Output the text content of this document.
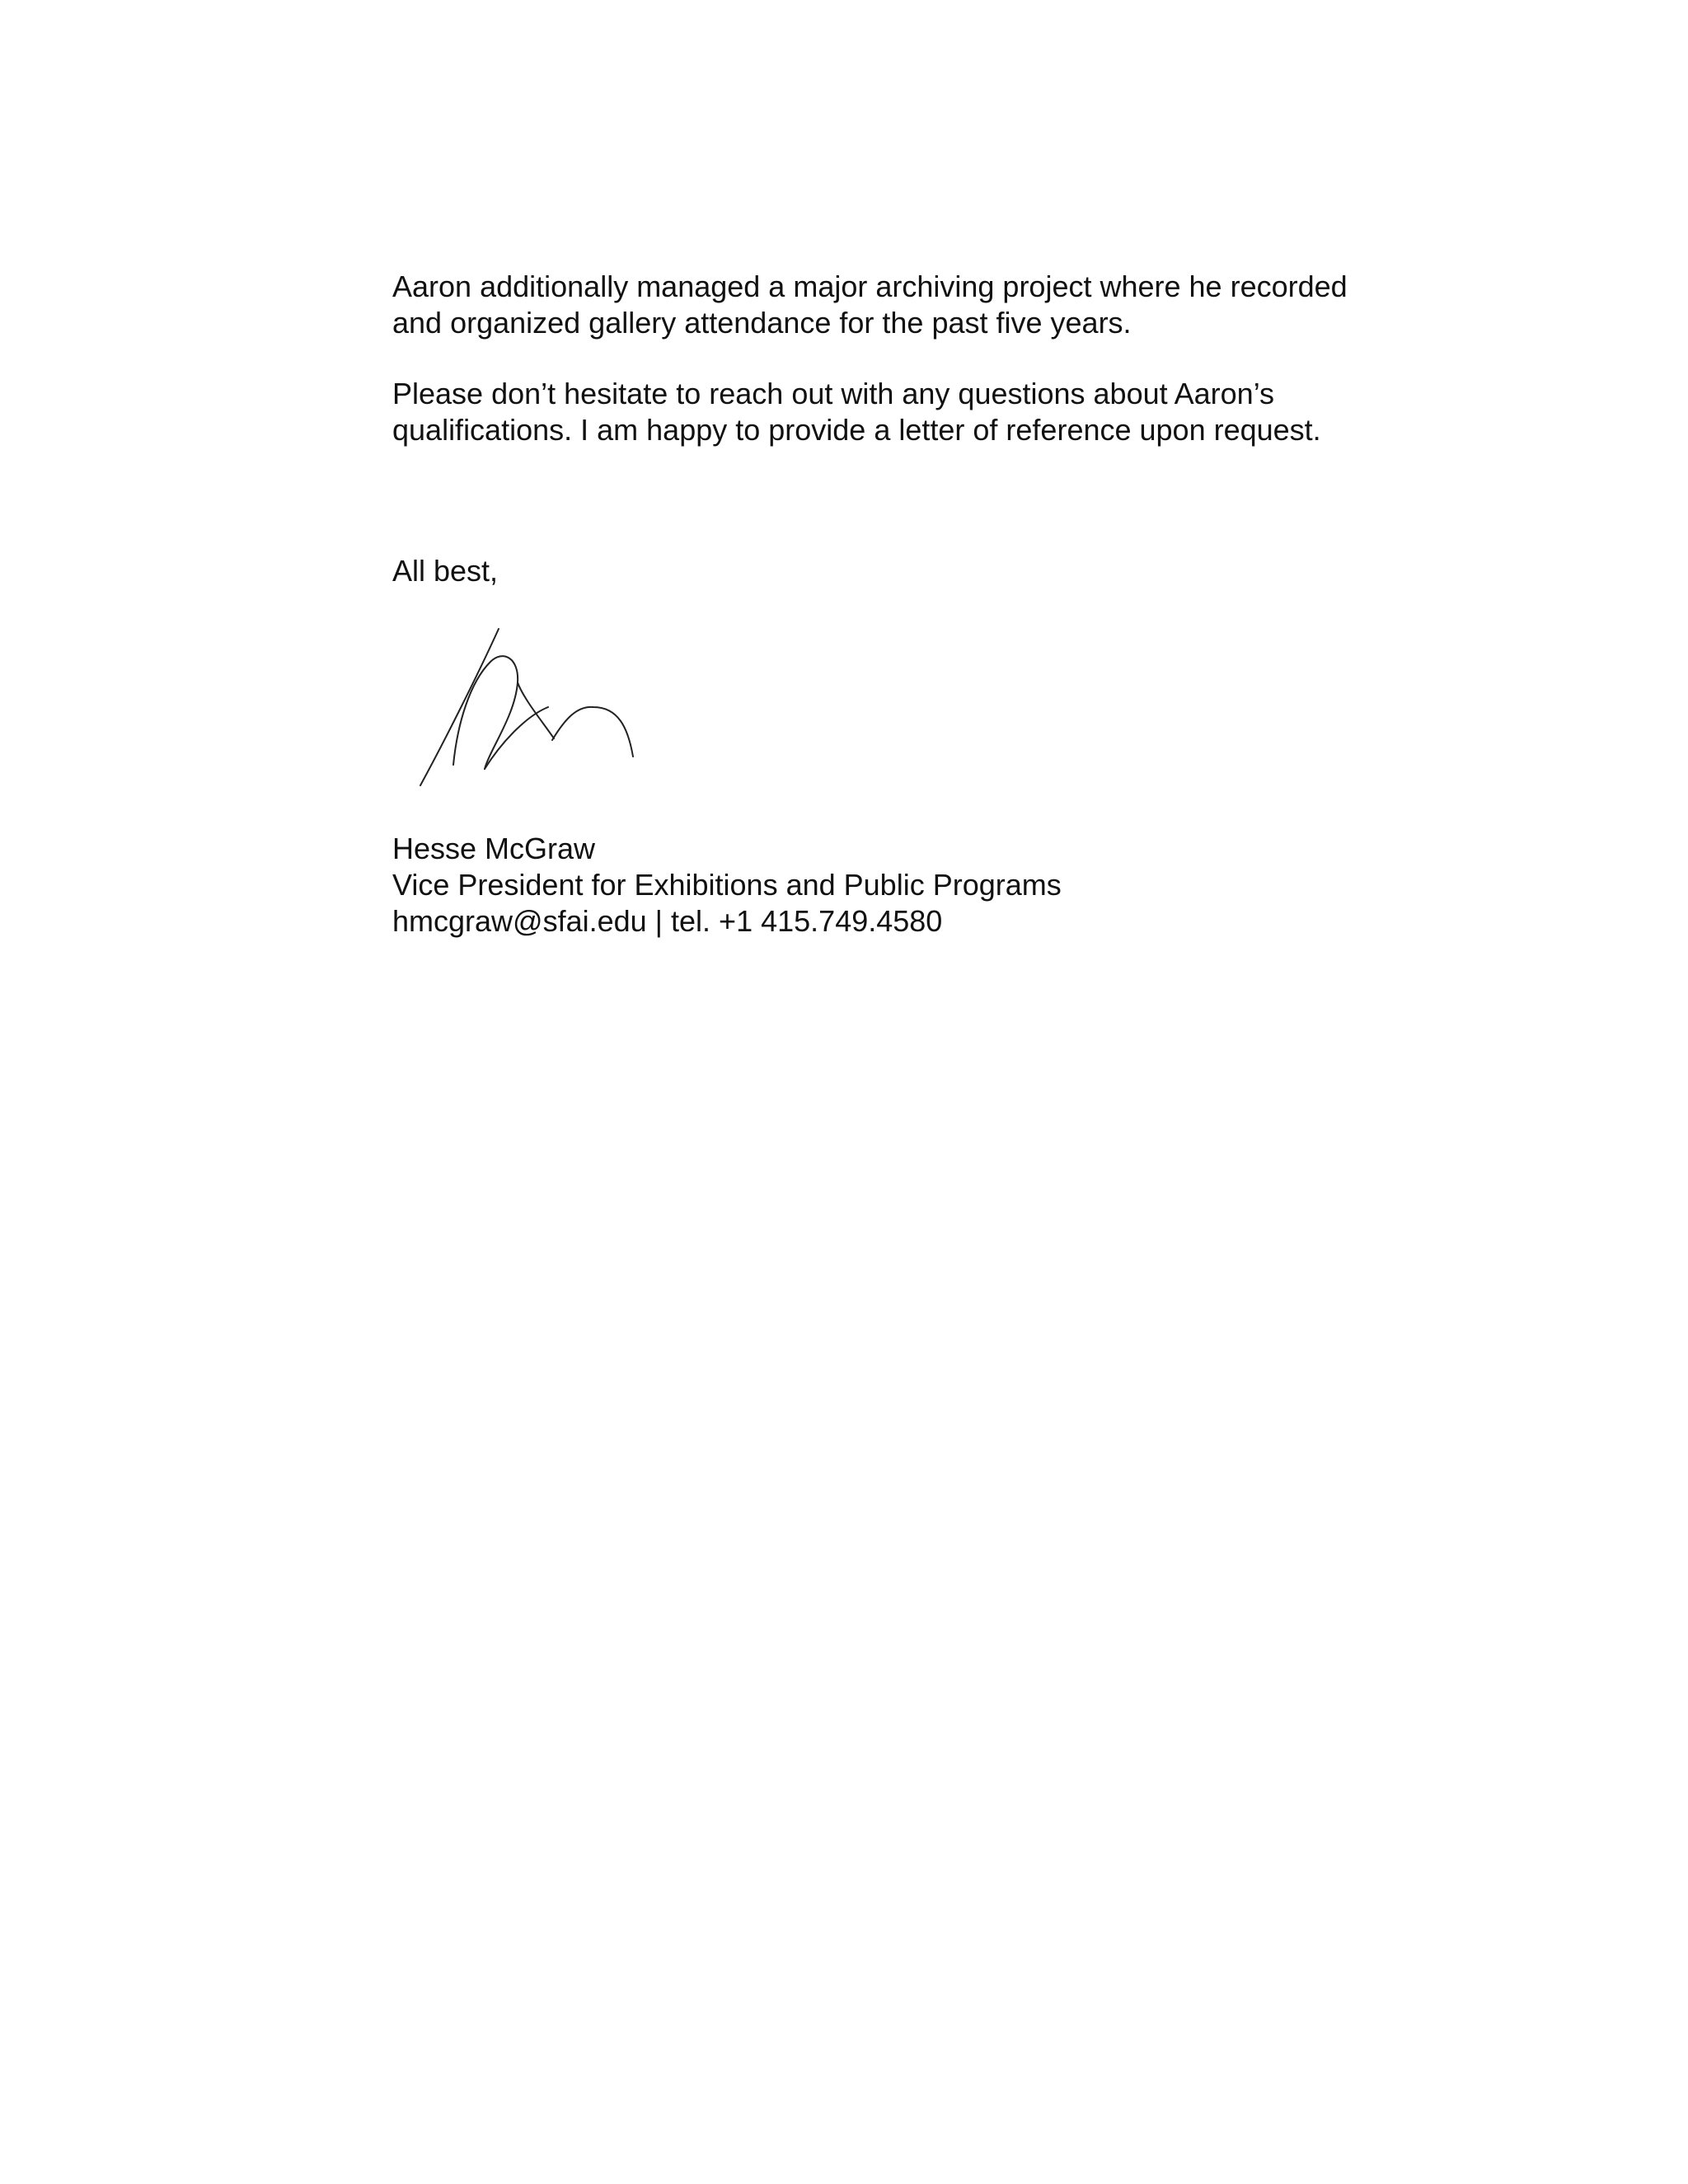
Aaron additionally managed a major archiving project where he recorded
and organized gallery attendance for the past five years.

Please don’t hesitate to reach out with any questions about Aaron’s
qualifications. I am happy to provide a letter of reference upon request.

All best,

Hesse McGraw
Vice President for Exhibitions and Public Programs
hmcgraw@sfai.edu | tel. +1 415.749.4580
